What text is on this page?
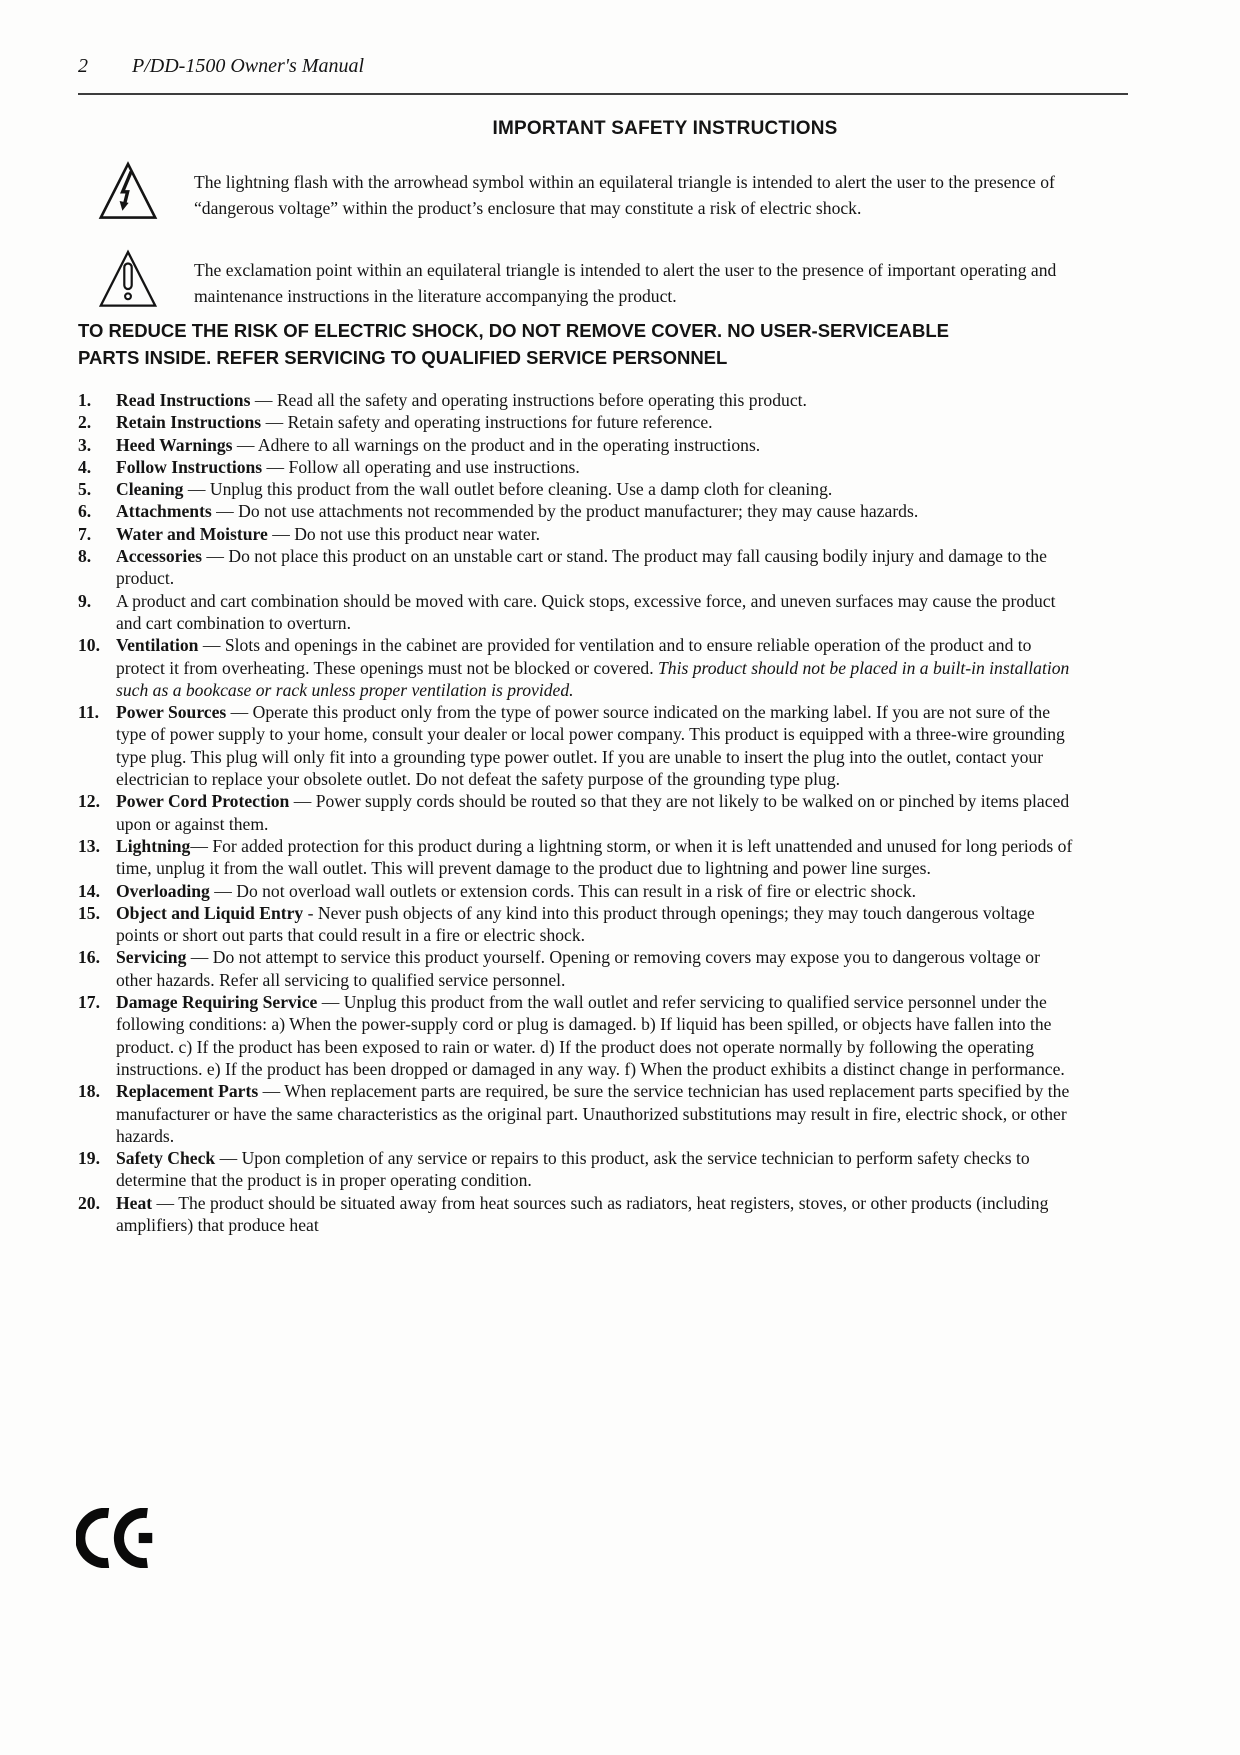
2 P/DD-1500 Owner's Manual
IMPORTANT SAFETY INSTRUCTIONS

The lightning flash with the arrowhead symbol within an equilateral triangle is intended to alert the user to the presence of “dangerous voltage” within the product’s enclosure that may constitute a risk of electric shock.

The exclamation point within an equilateral triangle is intended to alert the user to the presence of important operating and maintenance instructions in the literature accompanying the product.

TO REDUCE THE RISK OF ELECTRIC SHOCK, DO NOT REMOVE COVER. NO USER-SERVICEABLE
PARTS INSIDE. REFER SERVICING TO QUALIFIED SERVICE PERSONNEL
1. Read Instructions — Read all the safety and operating instructions before operating this product.
2. Retain Instructions — Retain safety and operating instructions for future reference.
3. Heed Warnings — Adhere to all warnings on the product and in the operating instructions.
4. Follow Instructions — Follow all operating and use instructions.
5. Cleaning — Unplug this product from the wall outlet before cleaning. Use a damp cloth for cleaning.
6. Attachments — Do not use attachments not recommended by the product manufacturer; they may cause hazards.
7. Water and Moisture — Do not use this product near water.
8. Accessories — Do not place this product on an unstable cart or stand. The product may fall causing bodily injury and damage to the product.
9. A product and cart combination should be moved with care. Quick stops, excessive force, and uneven surfaces may cause the product and cart combination to overturn.
10. Ventilation — Slots and openings in the cabinet are provided for ventilation and to ensure reliable operation of the product and to protect it from overheating. These openings must not be blocked or covered. This product should not be placed in a built-in installation such as a bookcase or rack unless proper ventilation is provided.
11. Power Sources — Operate this product only from the type of power source indicated on the marking label. If you are not sure of the type of power supply to your home, consult your dealer or local power company. This product is equipped with a three-wire grounding type plug. This plug will only fit into a grounding type power outlet. If you are unable to insert the plug into the outlet, contact your electrician to replace your obsolete outlet. Do not defeat the safety purpose of the grounding type plug.
12. Power Cord Protection — Power supply cords should be routed so that they are not likely to be walked on or pinched by items placed upon or against them.
13. Lightning— For added protection for this product during a lightning storm, or when it is left unattended and unused for long periods of time, unplug it from the wall outlet. This will prevent damage to the product due to lightning and power line surges.
14. Overloading — Do not overload wall outlets or extension cords. This can result in a risk of fire or electric shock.
15. Object and Liquid Entry - Never push objects of any kind into this product through openings; they may touch dangerous voltage points or short out parts that could result in a fire or electric shock.
16. Servicing — Do not attempt to service this product yourself. Opening or removing covers may expose you to dangerous voltage or other hazards. Refer all servicing to qualified service personnel.
17. Damage Requiring Service — Unplug this product from the wall outlet and refer servicing to qualified service personnel under the following conditions: a) When the power-supply cord or plug is damaged. b) If liquid has been spilled, or objects have fallen into the product. c) If the product has been exposed to rain or water. d) If the product does not operate normally by following the operating instructions. e) If the product has been dropped or damaged in any way. f) When the product exhibits a distinct change in performance.
18. Replacement Parts — When replacement parts are required, be sure the service technician has used replacement parts specified by the manufacturer or have the same characteristics as the original part. Unauthorized substitutions may result in fire, electric shock, or other hazards.
19. Safety Check — Upon completion of any service or repairs to this product, ask the service technician to perform safety checks to determine that the product is in proper operating condition.
20. Heat — The product should be situated away from heat sources such as radiators, heat registers, stoves, or other products (including amplifiers) that produce heat
